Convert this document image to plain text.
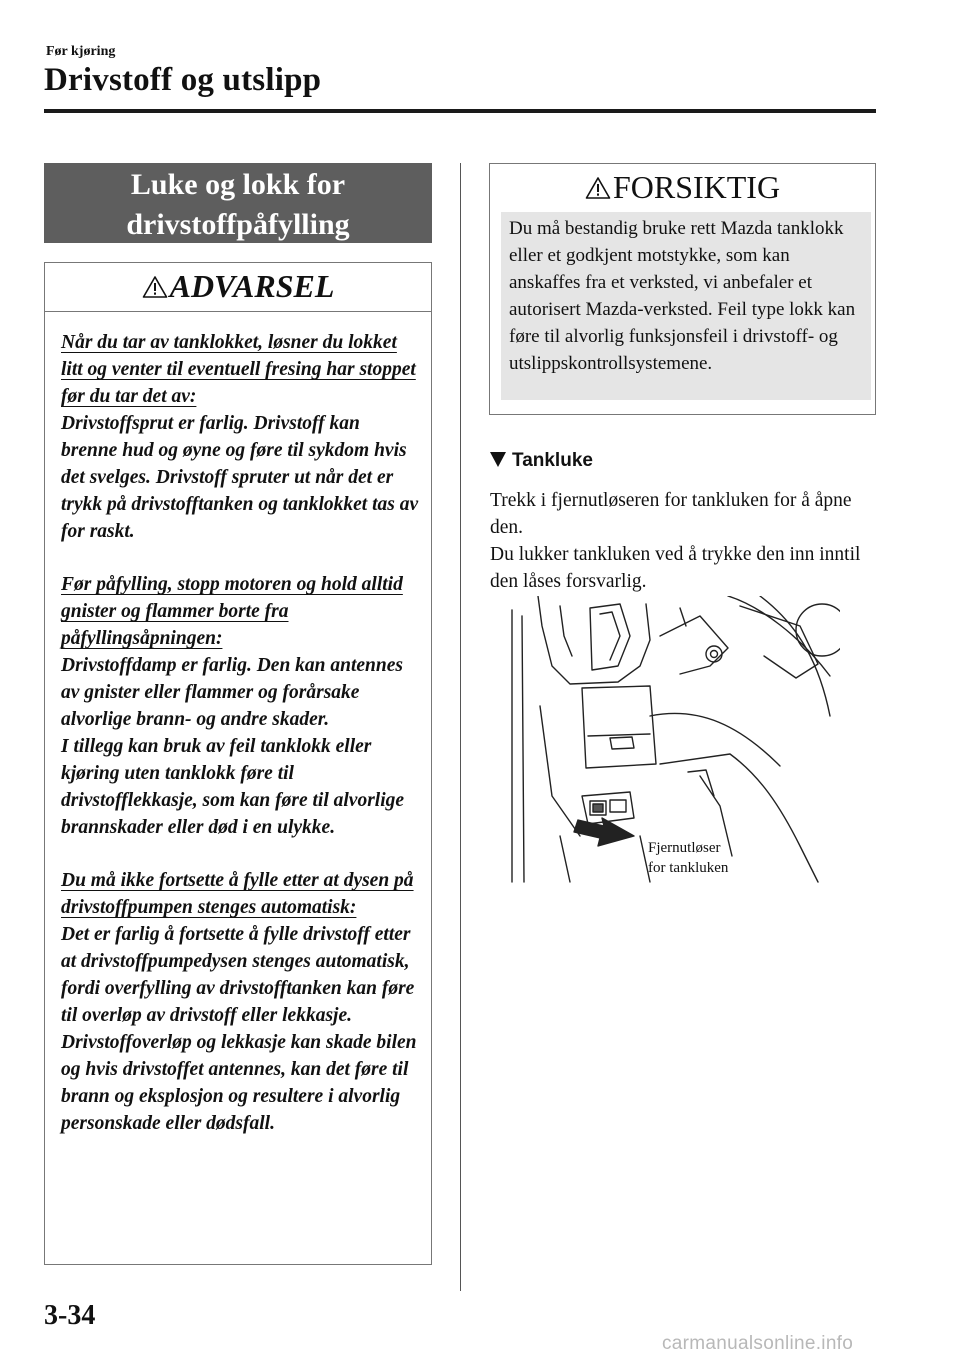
Før kjøring
Drivstoff og utslipp
Luke og lokk for
drivstoffpåfylling
ADVARSEL

Når du tar av tanklokket, løsner du lokket litt og venter til eventuell fresing har stoppet før du tar det av:

Drivstoffsprut er farlig. Drivstoff kan brenne hud og øyne og føre til sykdom hvis det svelges. Drivstoff spruter ut når det er trykk på drivstofftanken og tanklokket tas av for raskt.

Før påfylling, stopp motoren og hold alltid gnister og flammer borte fra påfyllingsåpningen:

Drivstoffdamp er farlig. Den kan antennes av gnister eller flammer og forårsake alvorlige brann- og andre skader.

I tillegg kan bruk av feil tanklokk eller kjøring uten tanklokk føre til drivstofflekkasje, som kan føre til alvorlige brannskader eller død i en ulykke.

Du må ikke fortsette å fylle etter at dysen på drivstoffpumpen stenges automatisk:

Det er farlig å fortsette å fylle drivstoff etter at drivstoffpumpedysen stenges automatisk, fordi overfylling av drivstofftanken kan føre til overløp av drivstoff eller lekkasje.

Drivstoffoverløp og lekkasje kan skade bilen og hvis drivstoffet antennes, kan det føre til brann og eksplosjon og resultere i alvorlig personskade eller dødsfall.

FORSIKTIG
Du må bestandig bruke rett Mazda tanklokk eller et godkjent motstykke, som kan anskaffes fra et verksted, vi anbefaler et autorisert Mazda-verksted. Feil type lokk kan føre til alvorlig funksjonsfeil i drivstoff- og utslippskontrollsystemene.
Tankluke

Trekk i fjernutløseren for tankluken for å åpne den.

Du lukker tankluken ved å trykke den inn inntil den låses forsvarlig.

Fjernutløser
for tankluken
3-34
carmanualsonline.info
